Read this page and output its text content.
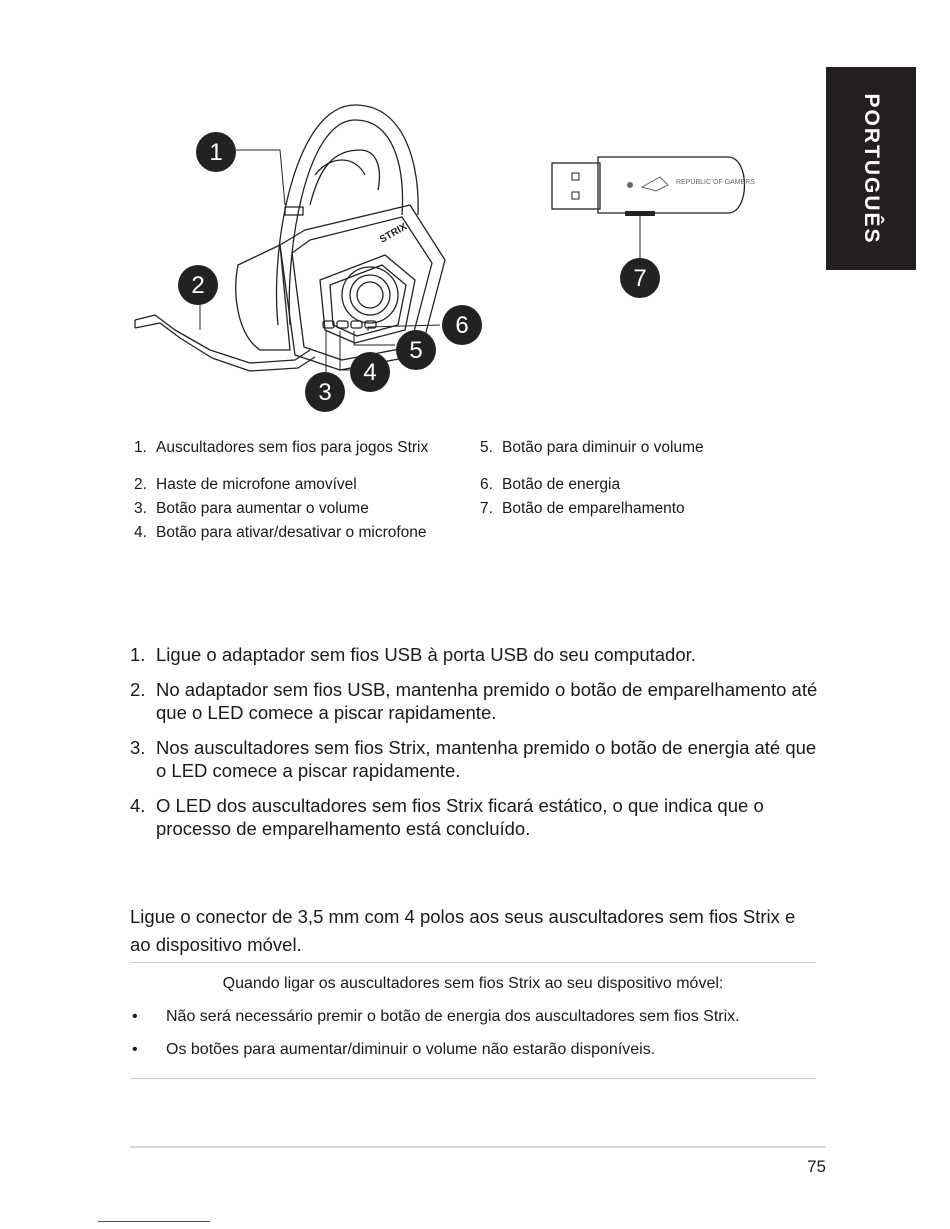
PORTUGUÊS
STRIX
1
2
3
4
5
6
REPUBLIC OF GAMERS
7
1. Auscultadores sem fios para jogos Strix
2. Haste de microfone amovível
3. Botão para aumentar o volume
4. Botão para ativar/desativar o microfone
5. Botão para diminuir o volume
6. Botão de energia
7. Botão de emparelhamento
1. Ligue o adaptador sem fios USB à porta USB do seu computador.
2. No adaptador sem fios USB, mantenha premido o botão de emparelhamento até que o LED comece a piscar rapidamente.
3. Nos auscultadores sem fios Strix, mantenha premido o botão de energia até que o LED comece a piscar rapidamente.
4. O LED dos auscultadores sem fios Strix ficará estático, o que indica que o processo de emparelhamento está concluído.
Ligue o conector de 3,5 mm com 4 polos aos seus auscultadores sem fios Strix e ao dispositivo móvel.
Quando ligar os auscultadores sem fios Strix ao seu dispositivo móvel:
•	Não será necessário premir o botão de energia dos auscultadores sem fios Strix.
•	Os botões para aumentar/diminuir o volume não estarão disponíveis.
75
